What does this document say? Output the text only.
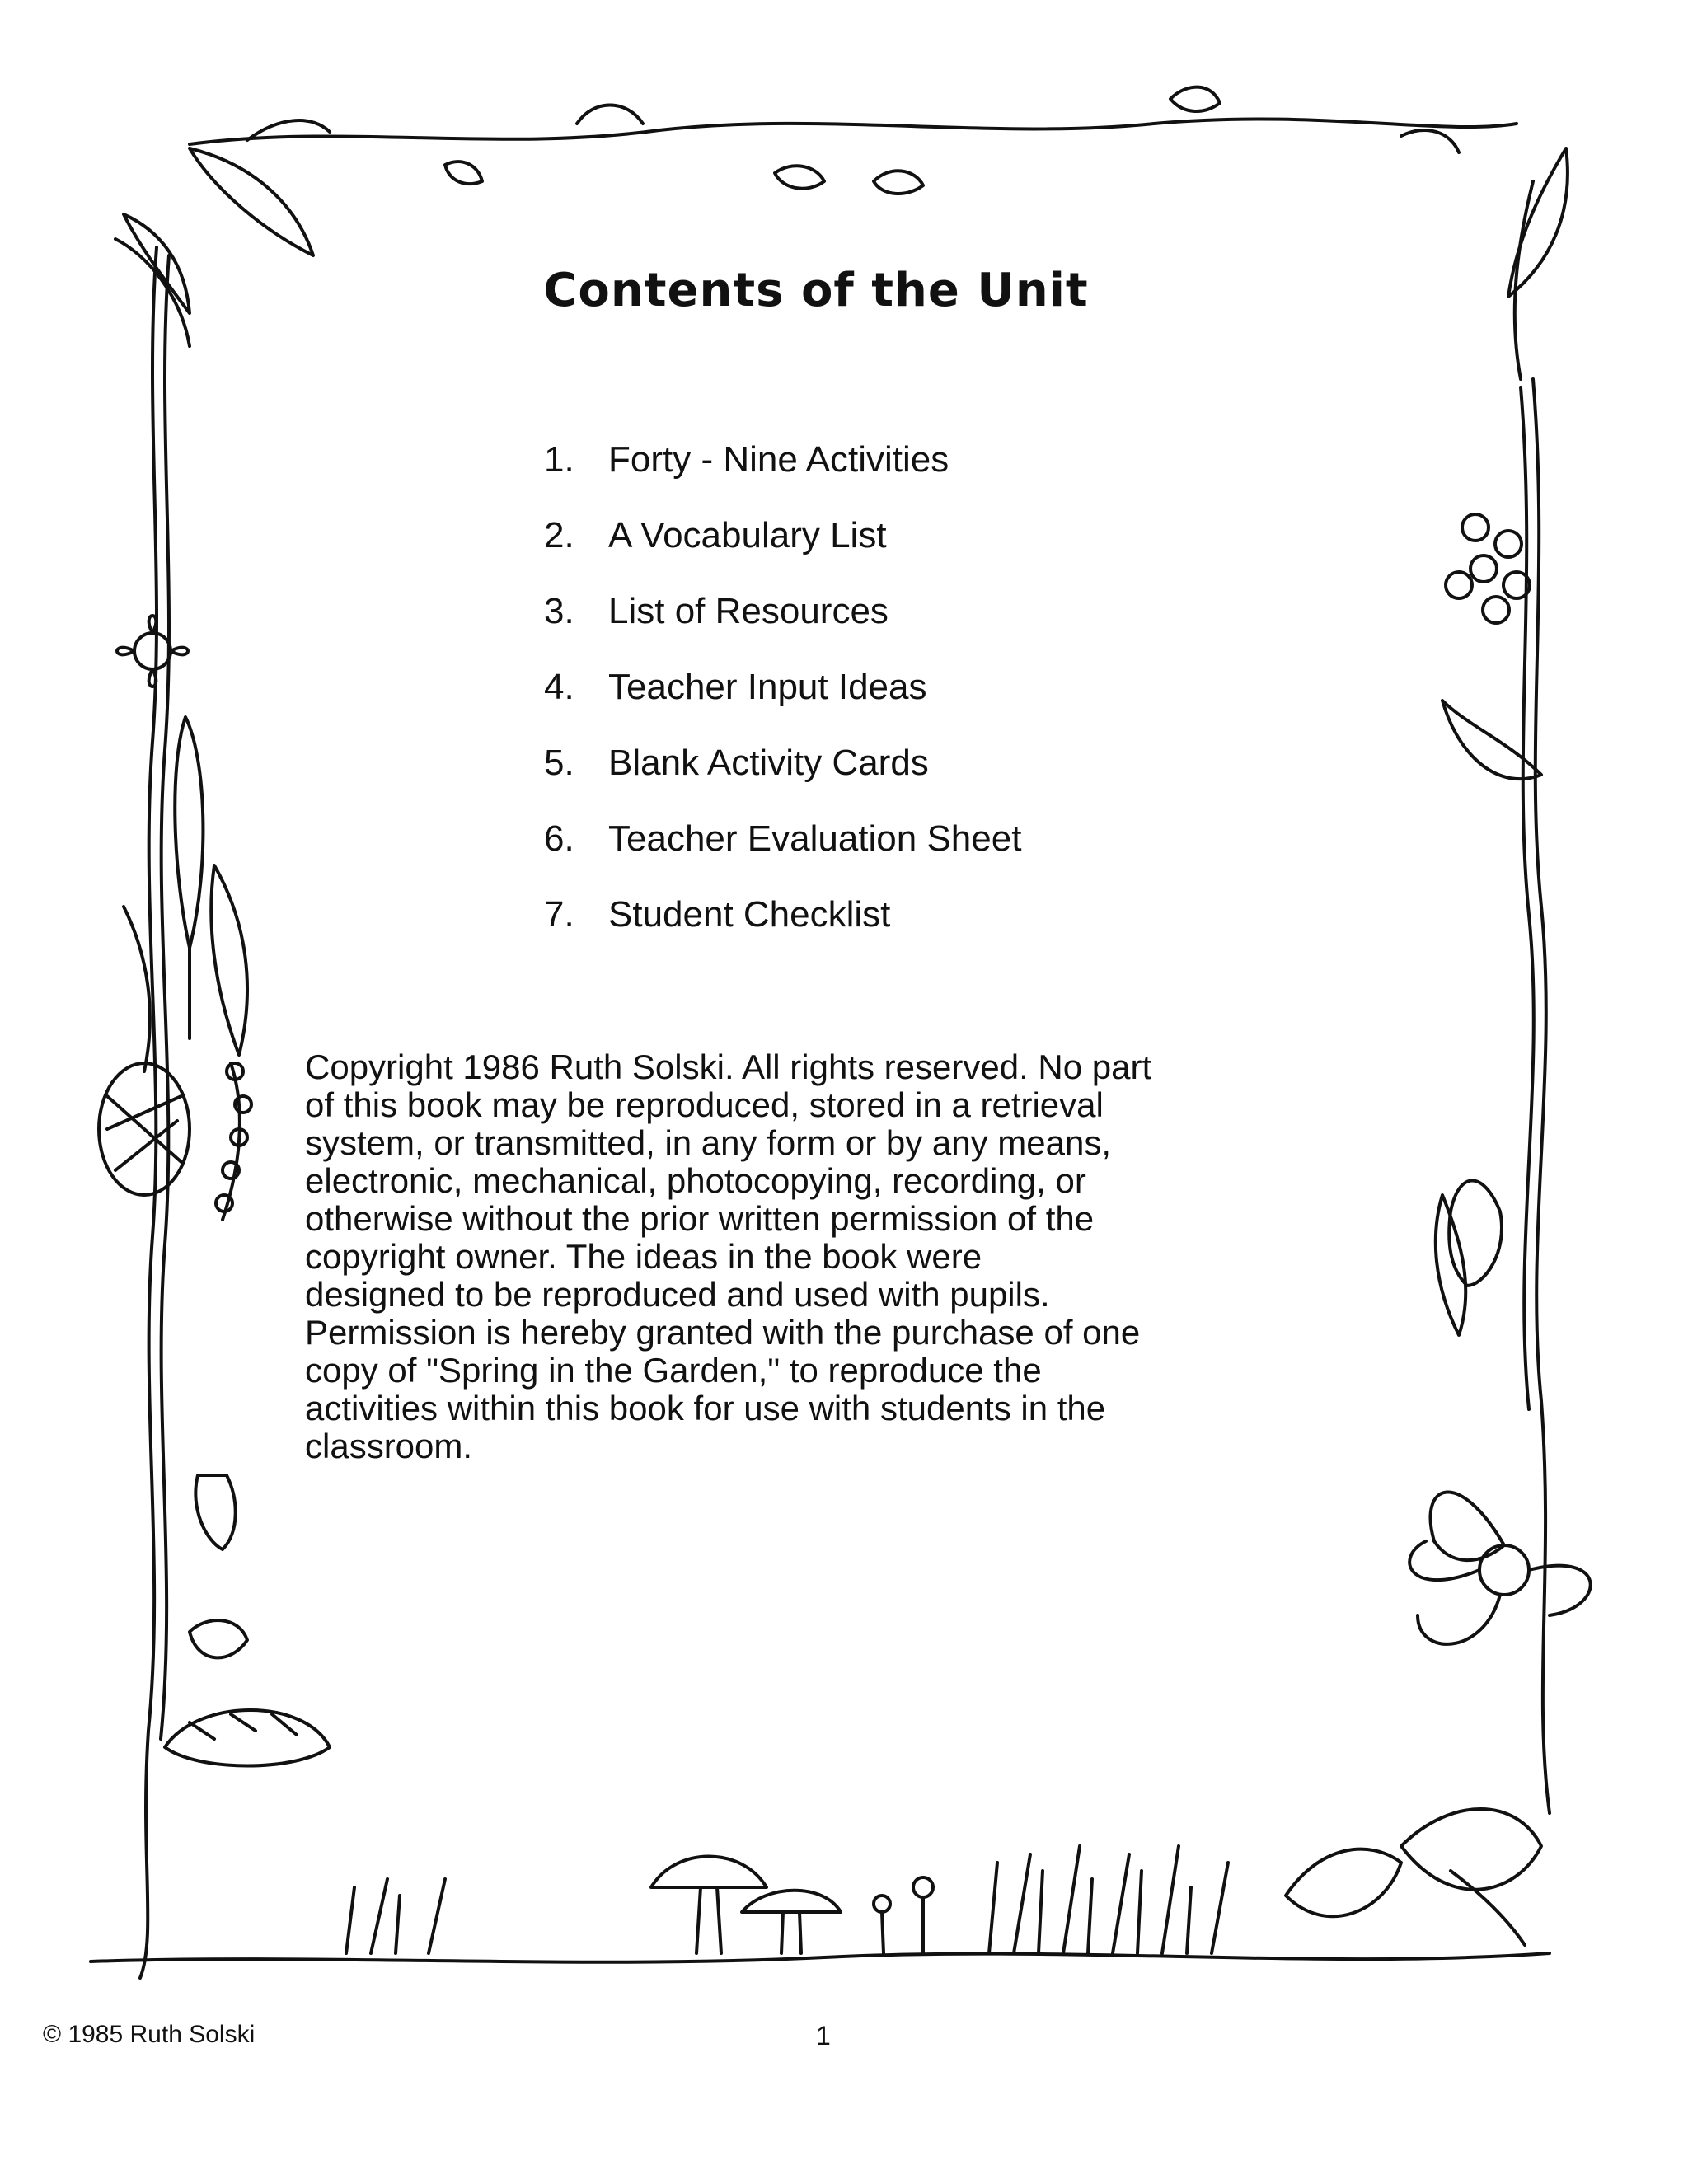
Contents of the Unit
1. Forty - Nine Activities
2. A Vocabulary List
3. List of Resources
4. Teacher Input Ideas
5. Blank Activity Cards
6. Teacher Evaluation Sheet
7. Student Checklist
Copyright 1986 Ruth Solski. All rights reserved. No part
of this book may be reproduced, stored in a retrieval
system, or transmitted, in any form or by any means,
electronic, mechanical, photocopying, recording, or
otherwise without the prior written permission of the
copyright owner. The ideas in the book were
designed to be reproduced and used with pupils.
Permission is hereby granted with the purchase of one
copy of "Spring in the Garden," to reproduce the
activities within this book for use with students in the
classroom.
© 1985 Ruth Solski	1
